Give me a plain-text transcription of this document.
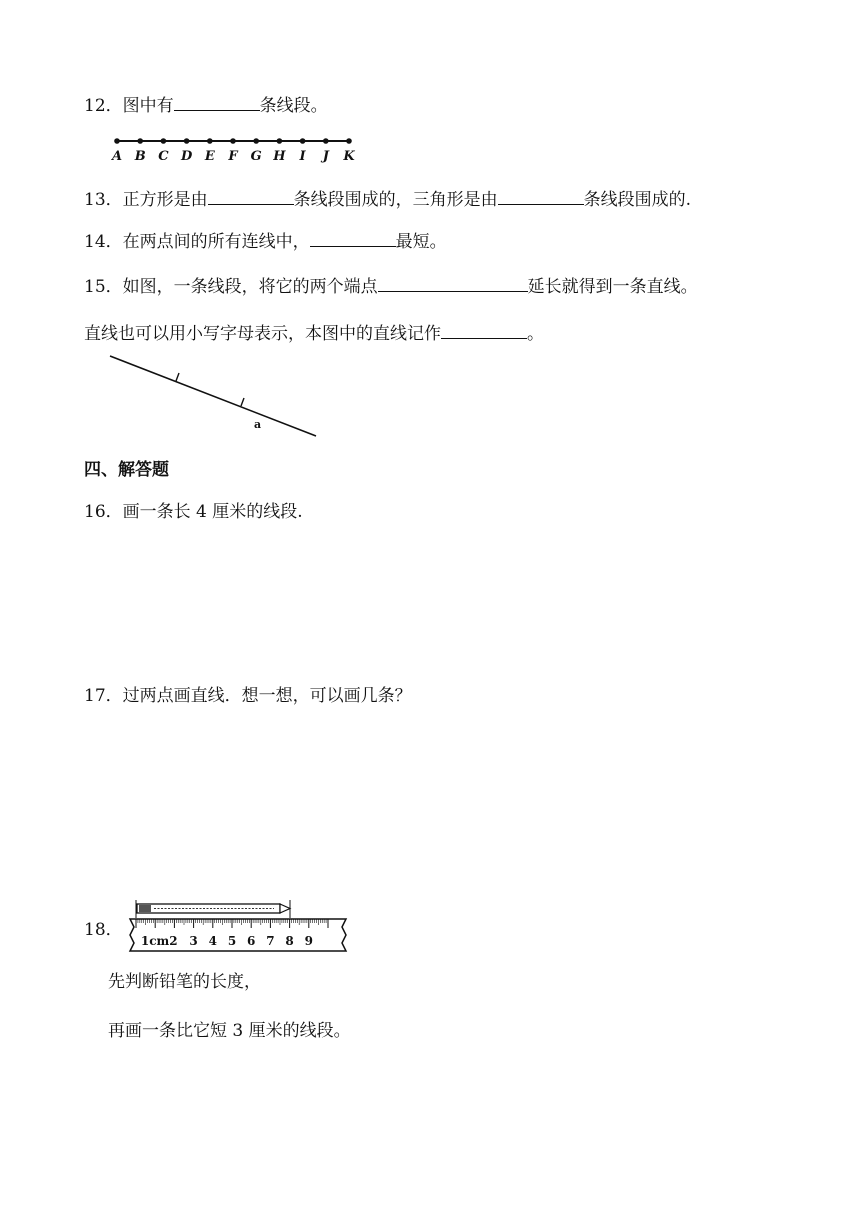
12．图中有	条线段。
A B C D E F G H I J K
13．正方形是由	条线段围成的，三角形是由	条线段围成的.
14．在两点间的所有连线中，	最短。
15．如图，一条线段，将它的两个端点	延长就得到一条直线。
直线也可以用小写字母表示，本图中的直线记作	。
a
四、解答题
16．画一条长 4 厘米的线段.
17．过两点画直线．想一想，可以画几条？
18．
1cm2 3 4 5 6 7 8 9
先判断铅笔的长度，
再画一条比它短 3 厘米的线段。
